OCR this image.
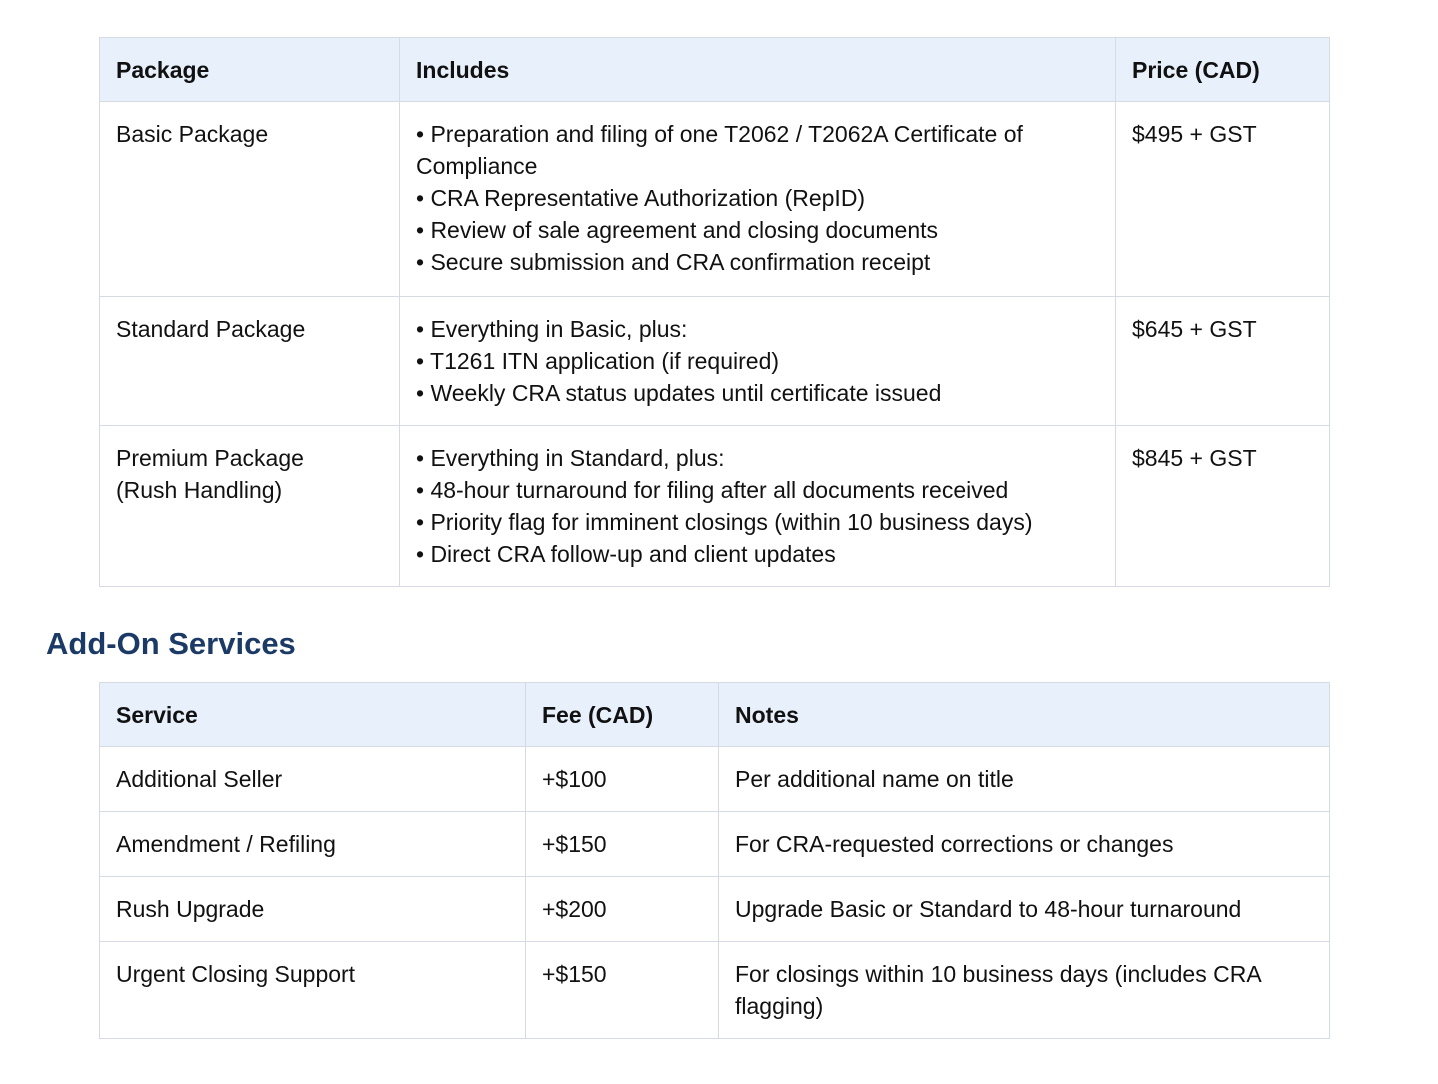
Package	Includes	Price (CAD)

Basic Package	• Preparation and filing of one T2062 / T2062A Certificate of Compliance
• CRA Representative Authorization (RepID)
• Review of sale agreement and closing documents
• Secure submission and CRA confirmation receipt	$495 + GST

Standard Package	• Everything in Basic, plus:
• T1261 ITN application (if required)
• Weekly CRA status updates until certificate issued	$645 + GST

Premium Package
(Rush Handling)	• Everything in Standard, plus:
• 48-hour turnaround for filing after all documents received
• Priority flag for imminent closings (within 10 business days)
• Direct CRA follow-up and client updates	$845 + GST
Add-On Services
Service	Fee (CAD)	Notes
Additional Seller	+$100	Per additional name on title
Amendment / Refiling	+$150	For CRA-requested corrections or changes
Rush Upgrade	+$200	Upgrade Basic or Standard to 48-hour turnaround
Urgent Closing Support	+$150	For closings within 10 business days (includes CRA flagging)
